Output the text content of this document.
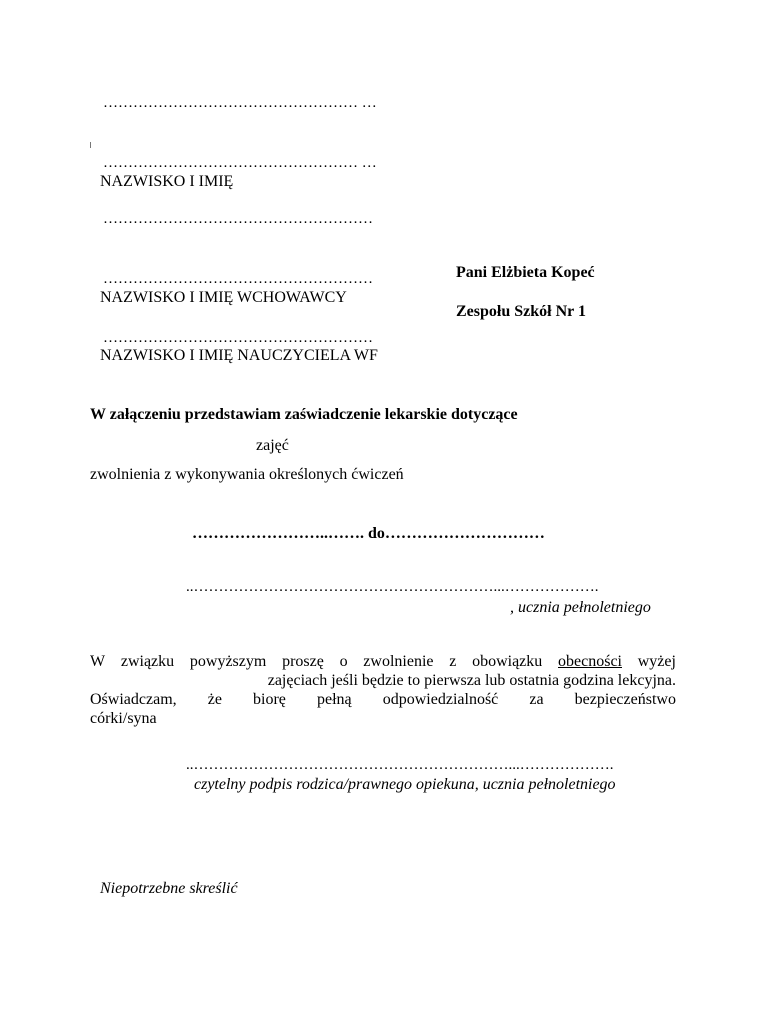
…………………………………………… …
…………………………………………… …
NAZWISKO I IMIĘ
………………………………………………
………………………………………………
NAZWISKO I IMIĘ WCHOWAWCY
………………………………………………
NAZWISKO I IMIĘ NAUCZYCIELA WF
Pani Elżbieta Kopeć
Zespołu Szkół Nr 1
W załączeniu przedstawiam zaświadczenie lekarskie dotyczące
zajęć
zwolnienia z wykonywania określonych ćwiczeń
……………………..……. do…………………………
..……………………………………………………...……………….
, ucznia pełnoletniego
W związku powyższym proszę o zwolnienie z obowiązku obecności wyżej
zajęciach jeśli będzie to pierwsza lub ostatnia godzina lekcyjna.
Oświadczam, że biorę pełną odpowiedzialność za bezpieczeństwo
córki/syna
..………………………………………………………...……………….
czytelny podpis rodzica/prawnego opiekuna, ucznia pełnoletniego
Niepotrzebne skreślić
